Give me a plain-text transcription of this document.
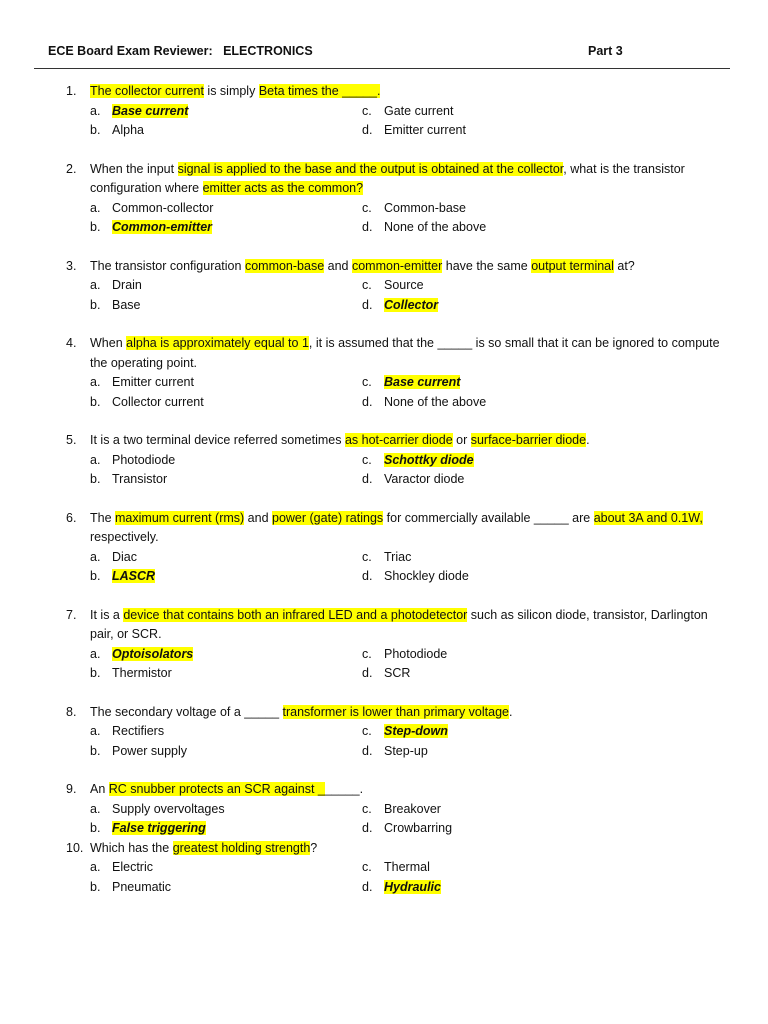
ECE Board Exam Reviewer:   ELECTRONICS	Part 3
1. The collector current is simply Beta times the _____.
a. Base current	c. Gate current
b. Alpha	d. Emitter current
2. When the input signal is applied to the base and the output is obtained at the collector, what is the transistor configuration where emitter acts as the common?
a. Common-collector	c. Common-base
b. Common-emitter	d. None of the above
3. The transistor configuration common-base and common-emitter have the same output terminal at?
a. Drain	c. Source
b. Base	d. Collector
4. When alpha is approximately equal to 1, it is assumed that the _____ is so small that it can be ignored to compute the operating point.
a. Emitter current	c. Base current
b. Collector current	d. None of the above
5. It is a two terminal device referred sometimes as hot-carrier diode or surface-barrier diode.
a. Photodiode	c. Schottky diode
b. Transistor	d. Varactor diode
6. The maximum current (rms) and power (gate) ratings for commercially available _____ are about 3A and 0.1W, respectively.
a. Diac	c. Triac
b. LASCR	d. Shockley diode
7. It is a device that contains both an infrared LED and a photodetector such as silicon diode, transistor, Darlington pair, or SCR.
a. Optoisolators	c. Photodiode
b. Thermistor	d. SCR
8. The secondary voltage of a _____ transformer is lower than primary voltage.
a. Rectifiers	c. Step-down
b. Power supply	d. Step-up
9. An RC snubber protects an SCR against ______.
a. Supply overvoltages	c. Breakover
b. False triggering	d. Crowbarring
10. Which has the greatest holding strength?
a. Electric	c. Thermal
b. Pneumatic	d. Hydraulic
